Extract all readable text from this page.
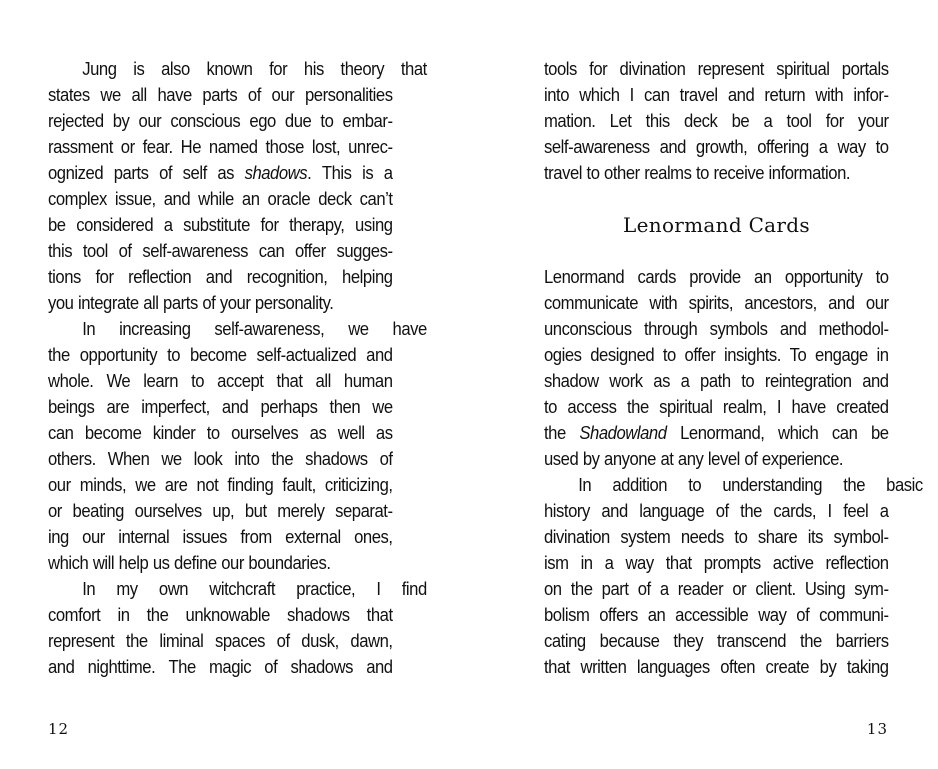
Jung is also known for his theory that
states we all have parts of our personalities
rejected by our conscious ego due to embar-
rassment or fear. He named those lost, unrec-
ognized parts of self as shadows. This is a
complex issue, and while an oracle deck can’t
be considered a substitute for therapy, using
this tool of self-awareness can offer sugges-
tions for reflection and recognition, helping
you integrate all parts of your personality.
In increasing self-awareness, we have
the opportunity to become self-actualized and
whole. We learn to accept that all human
beings are imperfect, and perhaps then we
can become kinder to ourselves as well as
others. When we look into the shadows of
our minds, we are not finding fault, criticizing,
or beating ourselves up, but merely separat-
ing our internal issues from external ones,
which will help us define our boundaries.
In my own witchcraft practice, I find
comfort in the unknowable shadows that
represent the liminal spaces of dusk, dawn,
and nighttime. The magic of shadows and
tools for divination represent spiritual portals
into which I can travel and return with infor-
mation. Let this deck be a tool for your
self-awareness and growth, offering a way to
travel to other realms to receive information.
Lenormand Cards
Lenormand cards provide an opportunity to
communicate with spirits, ancestors, and our
unconscious through symbols and methodol-
ogies designed to offer insights. To engage in
shadow work as a path to reintegration and
to access the spiritual realm, I have created
the Shadowland Lenormand, which can be
used by anyone at any level of experience.
In addition to understanding the basic
history and language of the cards, I feel a
divination system needs to share its symbol-
ism in a way that prompts active reflection
on the part of a reader or client. Using sym-
bolism offers an accessible way of communi-
cating because they transcend the barriers
that written languages often create by taking
12	13
